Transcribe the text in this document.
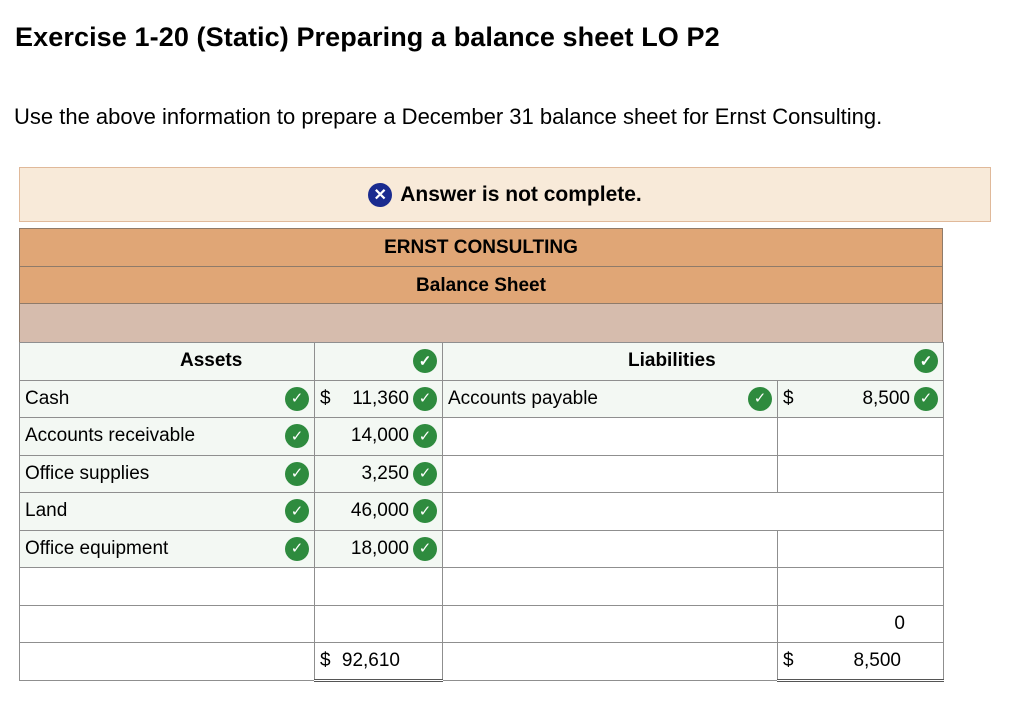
Exercise 1-20 (Static) Preparing a balance sheet LO P2
Use the above information to prepare a December 31 balance sheet for Ernst Consulting.
✕ Answer is not complete.
ERNST CONSULTING
Balance Sheet
Assets	✓	Liabilities	✓

Cash ✓	$ 11,360 ✓	Accounts payable ✓	$ 8,500 ✓

Accounts receivable ✓	14,000 ✓		

Office supplies ✓	3,250 ✓		

Land ✓	46,000 ✓		

Office equipment ✓	18,000 ✓		

			0

	$ 92,610		$ 8,500
